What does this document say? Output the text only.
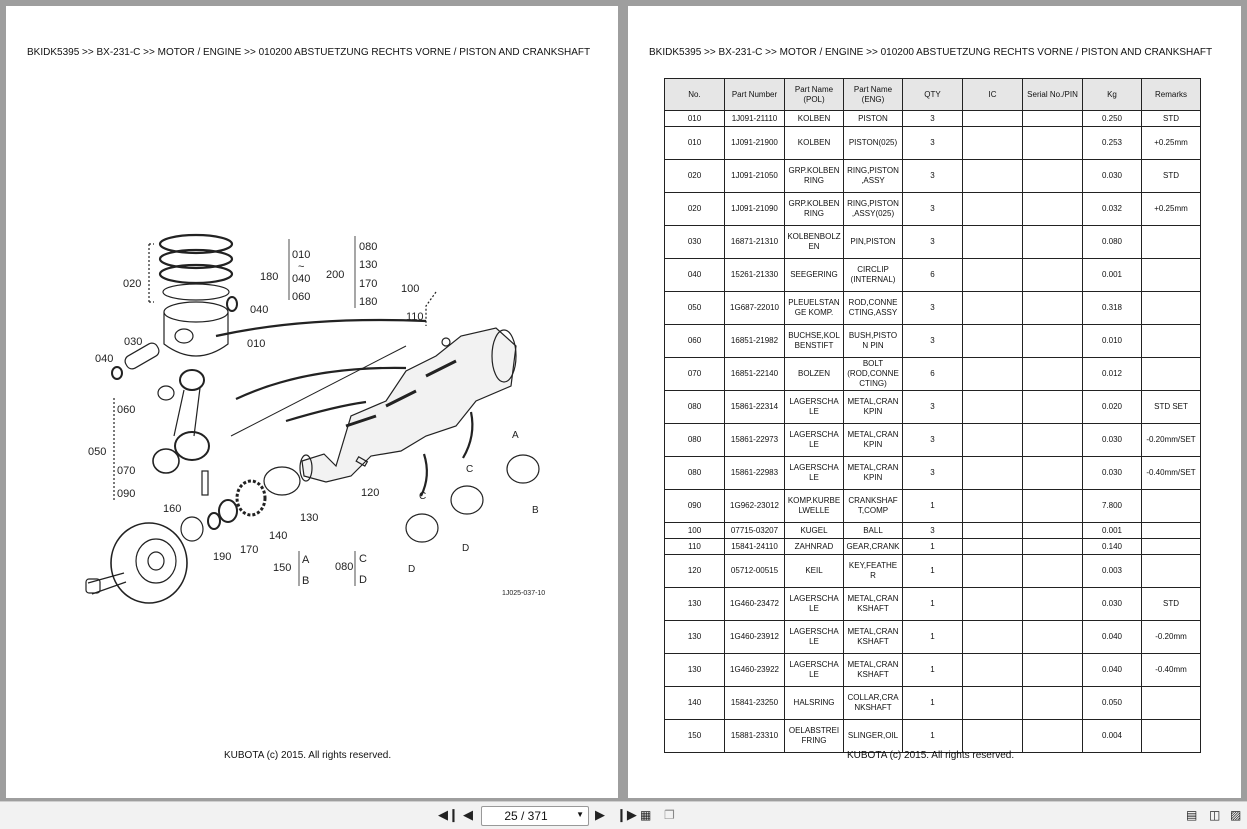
BKIDK5395 >> BX-231-C >> MOTOR / ENGINE >> 010200 ABSTUETZUNG RECHTS VORNE / PISTON AND CRANKSHAFT
020
040
010
030
040
060
050
070
090
160
170
190
140
130
120
100
110
180	200
150	080
010
~
040
060
080
130
170
180
A
B
C
D
A
B
C
D
C
D
1J025-037-10
KUBOTA (c) 2015. All rights reserved.
BKIDK5395 >> BX-231-C >> MOTOR / ENGINE >> 010200 ABSTUETZUNG RECHTS VORNE / PISTON AND CRANKSHAFT
No.	Part Number	Part Name (POL)	Part Name (ENG)	QTY	IC	Serial No./PIN	Kg	Remarks
010	1J091-21110	KOLBEN	PISTON	3			0.250	STD
010	1J091-21900	KOLBEN	PISTON(025)	3			0.253	+0.25mm
020	1J091-21050	GRP.KOLBEN RING	RING,PISTON ,ASSY	3			0.030	STD
020	1J091-21090	GRP.KOLBEN RING	RING,PISTON ,ASSY(025)	3			0.032	+0.25mm
030	16871-21310	KOLBENBOLZ EN	PIN,PISTON	3			0.080	
040	15261-21330	SEEGERING	CIRCLIP (INTERNAL)	6			0.001	
050	1G687-22010	PLEUELSTAN GE KOMP.	ROD,CONNE CTING,ASSY	3			0.318	
060	16851-21982	BUCHSE,KOL BENSTIFT	BUSH,PISTO N PIN	3			0.010	
070	16851-22140	BOLZEN	BOLT (ROD,CONNE CTING)	6			0.012	
080	15861-22314	LAGERSCHA LE	METAL,CRAN KPIN	3			0.020	STD SET
080	15861-22973	LAGERSCHA LE	METAL,CRAN KPIN	3			0.030	-0.20mm/SET
080	15861-22983	LAGERSCHA LE	METAL,CRAN KPIN	3			0.030	-0.40mm/SET
090	1G962-23012	KOMP.KURBE LWELLE	CRANKSHAF T,COMP	1			7.800	
100	07715-03207	KUGEL	BALL	3			0.001	
110	15841-24110	ZAHNRAD	GEAR,CRANK	1			0.140	
120	05712-00515	KEIL	KEY,FEATHE R	1			0.003	
130	1G460-23472	LAGERSCHA LE	METAL,CRAN KSHAFT	1			0.030	STD
130	1G460-23912	LAGERSCHA LE	METAL,CRAN KSHAFT	1			0.040	-0.20mm
130	1G460-23922	LAGERSCHA LE	METAL,CRAN KSHAFT	1			0.040	-0.40mm
140	15841-23250	HALSRING	COLLAR,CRA NKSHAFT	1			0.050	
150	15881-23310	OELABSTREI FRING	SLINGER,OIL	1			0.004	
KUBOTA (c) 2015. All rights reserved.
◀❙ ◀	25 / 371	▼ ▶ ❙▶ ▦ ❐	▤ ◫ ▨
